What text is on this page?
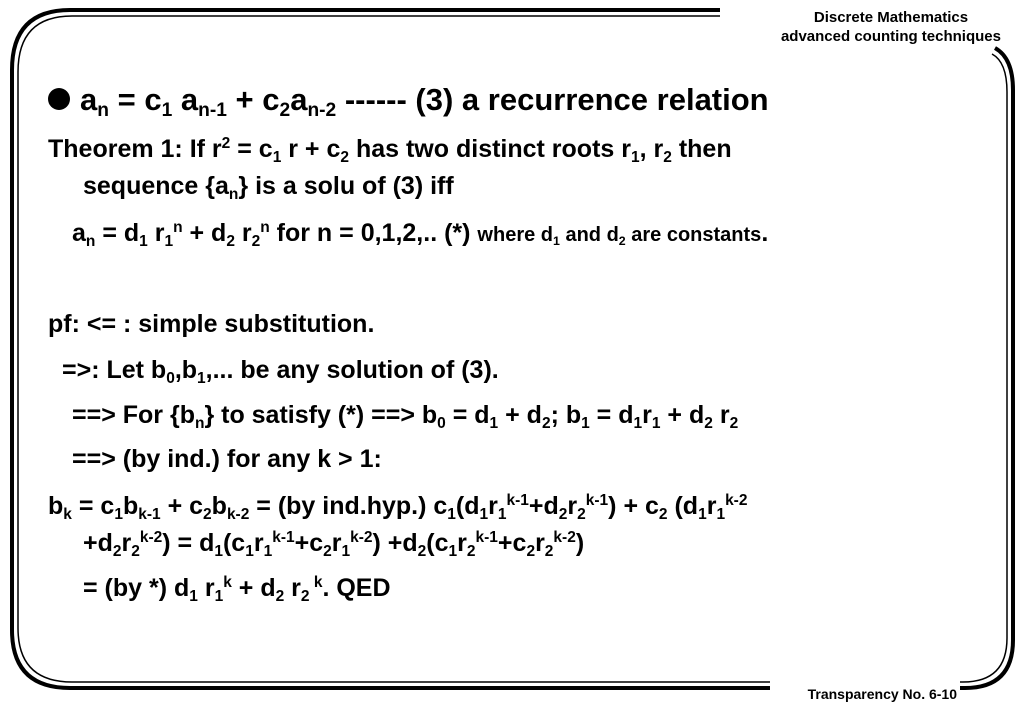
Discrete Mathematics
advanced counting techniques
$a_n = c_1$ $a_{n-1} + c_2a_{n-2}$ ------ (3) a recurrence relation
Theorem 1: If $r^2 = c_1$ $r + c_2$ has two distinct roots $r_1$, $r_2$ then
sequence $\{a_n\}$ is a solu of (3) iff
$a_n = d_1$ $r_1^n + d_2$ $r_2^n$ for n = 0,1,2,.. (*) where $d_1$ and $d_2$ are constants.
pf: <= : simple substitution.
=>: Let $b_0,b_1$,... be any solution of (3).
==> For $\{b_n\}$ to satisfy (*) ==> $b_0 = d_1 + d_2$; $b_1 = d_1r_1 + d_2$ $r_2$
==> (by ind.) for any k > 1:
$b_k = c_1b_{k-1} + c_2b_{k-2} = (by$ ind.hyp.) $c_1(d_1r_1^{k-1}+d_2r_2^{k-1}) + c_2$ ($d_1r_1^{k-2}$
$+d_2r_2^{k-2}) = d_1(c_1r_1^{k-1}+c_2r_1^{k-2}) +d_2(c_1r_2^{k-1}+c_2r_2^{k-2})$
= (by *) $d_1$ $r_1^k + d_2$ $r_2$ $^k$. QED
Transparency No. 6-10
